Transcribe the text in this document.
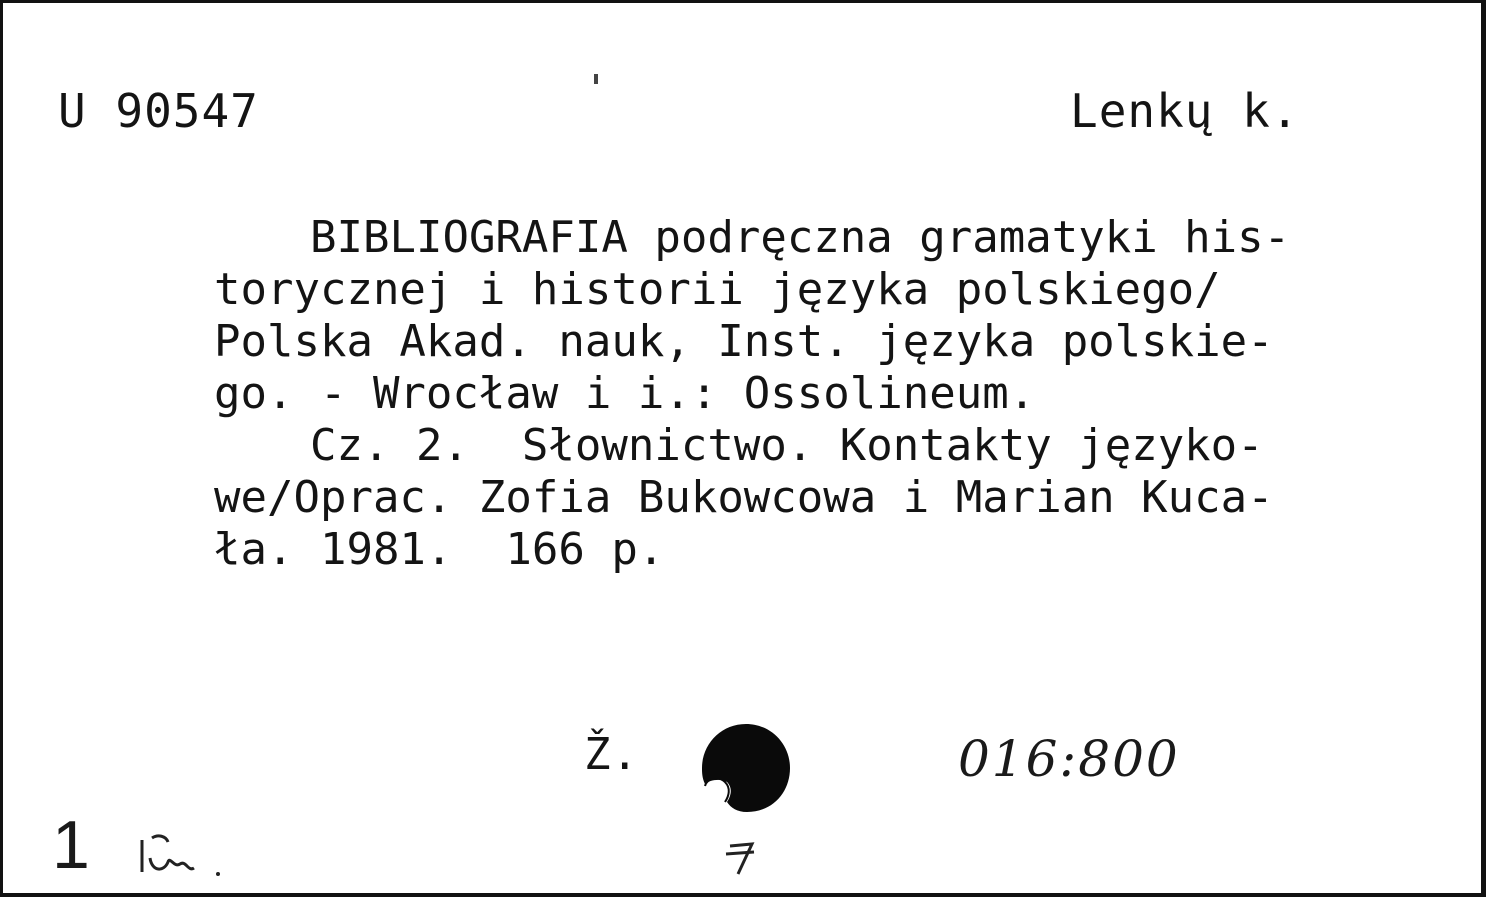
U 90547	Lenkų k.
BIBLIOGRAFIA podręczna gramatyki his-
torycznej i historii języka polskiego/
Polska Akad. nauk, Inst. języka polskie-
go. - Wrocław i i.: Ossolineum.
Cz. 2.  Słownictwo. Kontakty języko-
we/Oprac. Zofia Bukowcowa i Marian Kuca-
ła. 1981.  166 p.
Ž.	016:800
1
